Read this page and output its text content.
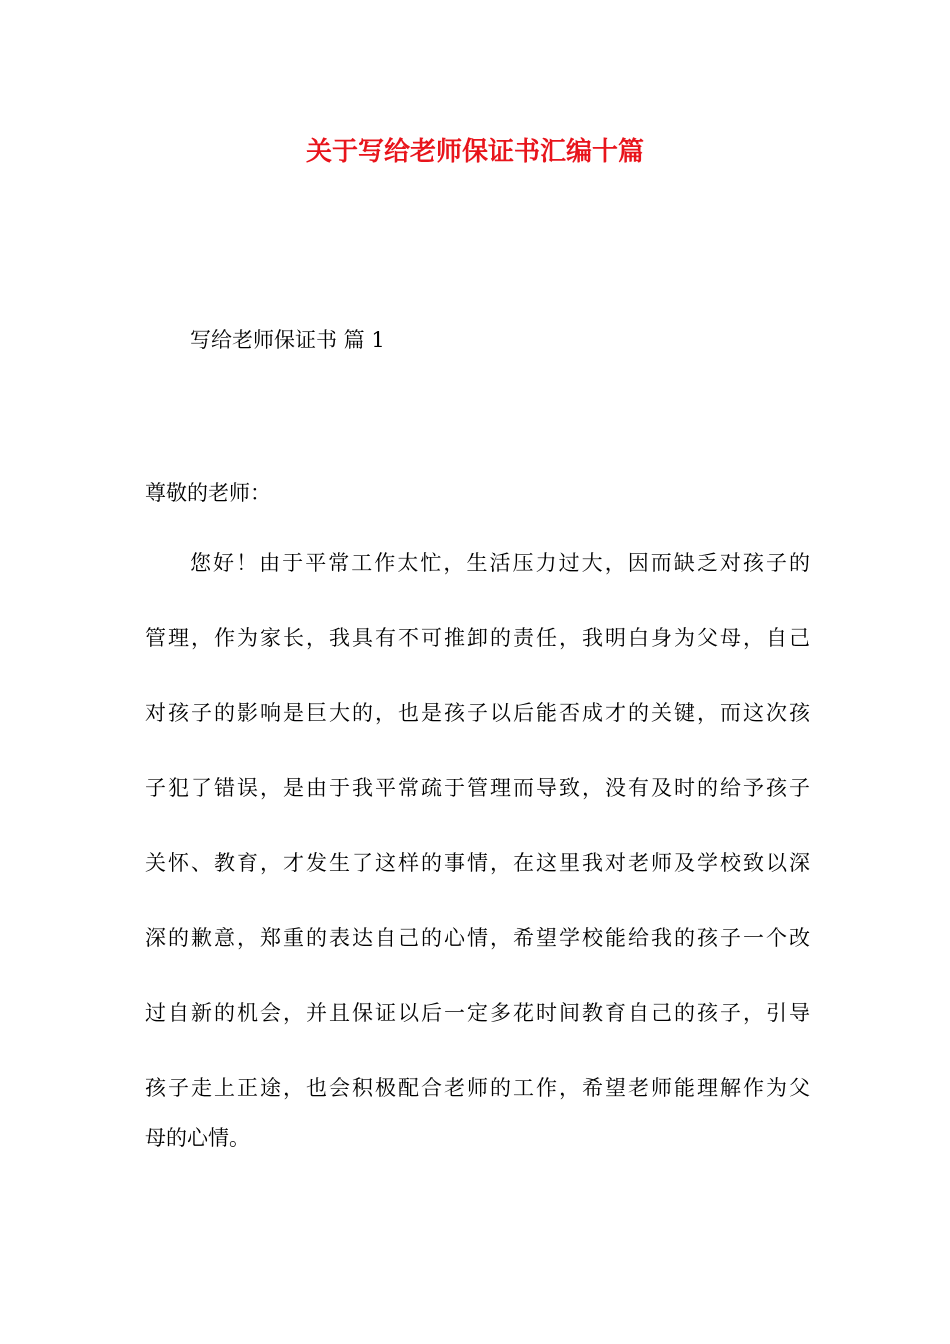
关于写给老师保证书汇编十篇
写给老师保证书 篇 1
尊敬的老师：
您好！由于平常工作太忙，生活压力过大，因而缺乏对孩子的
管理，作为家长，我具有不可推卸的责任，我明白身为父母，自己
对孩子的影响是巨大的，也是孩子以后能否成才的关键，而这次孩
子犯了错误，是由于我平常疏于管理而导致，没有及时的给予孩子
关怀、教育，才发生了这样的事情，在这里我对老师及学校致以深
深的歉意，郑重的表达自己的心情，希望学校能给我的孩子一个改
过自新的机会，并且保证以后一定多花时间教育自己的孩子，引导
孩子走上正途，也会积极配合老师的工作，希望老师能理解作为父
母的心情。
